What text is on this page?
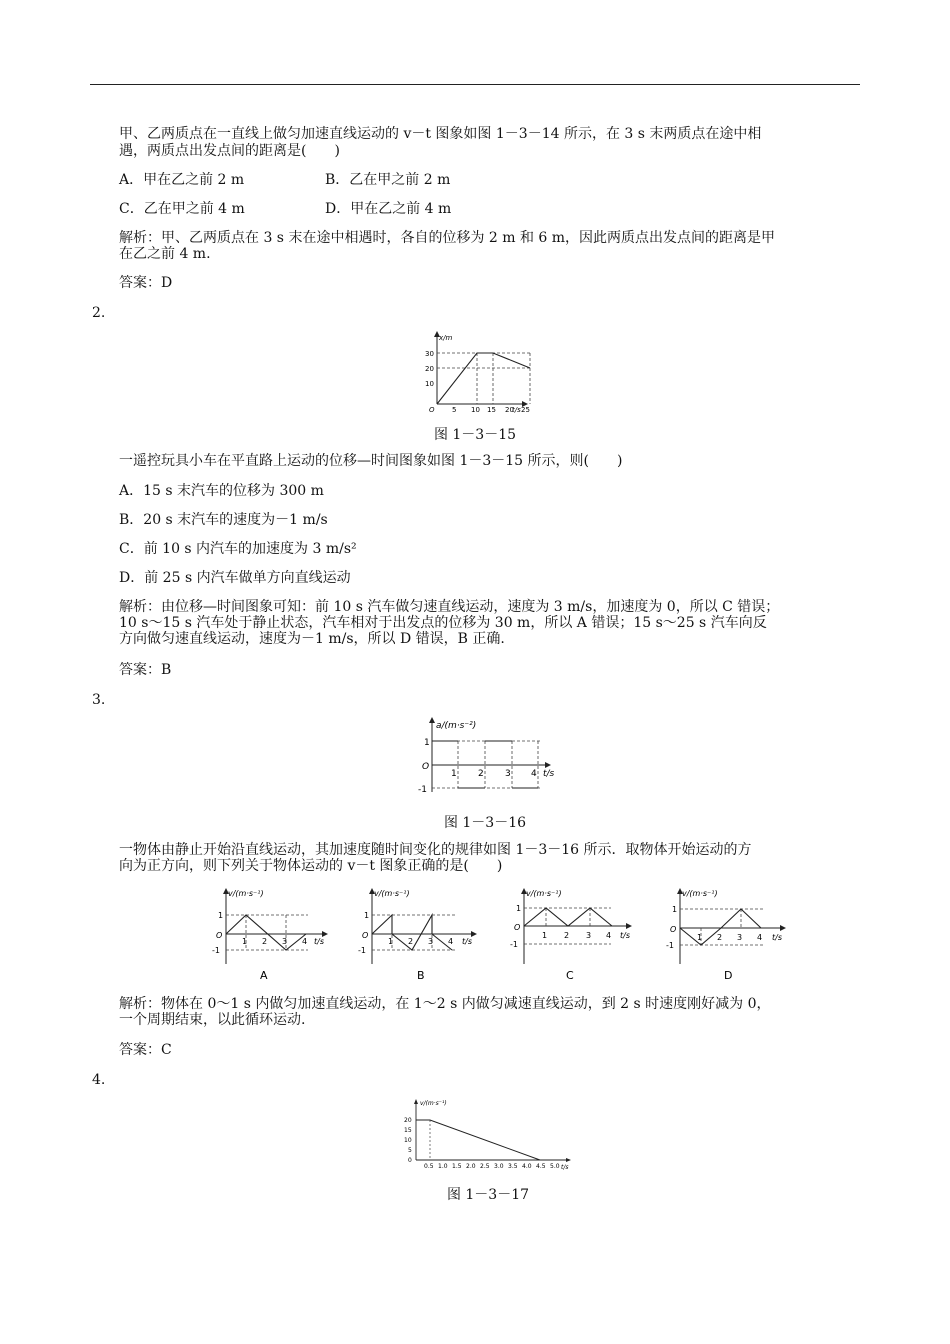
甲、乙两质点在一直线上做匀加速直线运动的 v－t 图象如图 1－3－14 所示，在 3 s 末两质点在途中相
遇，两质点出发点间的距离是(　　)
A．甲在乙之前 2 m	B．乙在甲之前 2 m
C．乙在甲之前 4 m	D．甲在乙之前 4 m
解析：甲、乙两质点在 3 s 末在途中相遇时，各自的位移为 2 m 和 6 m，因此两质点出发点间的距离是甲
在乙之前 4 m.
答案：D
2.
x/m
t/s
O
10
20
30
5 10 15 20 25
图 1－3－15
一遥控玩具小车在平直路上运动的位移—时间图象如图 1－3－15 所示，则(　　)
A．15 s 末汽车的位移为 300 m
B．20 s 末汽车的速度为－1 m/s
C．前 10 s 内汽车的加速度为 3 m/s²
D．前 25 s 内汽车做单方向直线运动
解析：由位移—时间图象可知：前 10 s 汽车做匀速直线运动，速度为 3 m/s，加速度为 0，所以 C 错误；
10 s～15 s 汽车处于静止状态，汽车相对于出发点的位移为 30 m，所以 A 错误；15 s～25 s 汽车向反
方向做匀速直线运动，速度为－1 m/s，所以 D 错误，B 正确.
答案：B
3.
a/(m·s⁻²)
t/s
O
1
-1
1 2 3 4
图 1－3－16
一物体由静止开始沿直线运动，其加速度随时间变化的规律如图 1－3－16 所示．取物体开始运动的方
向为正方向，则下列关于物体运动的 v－t 图象正确的是(　　)
v/(m·s⁻¹)
t/s
O
1
-1
1 2 3 4
A
v/(m·s⁻¹)
t/s
O
1
-1
1 2 3 4
B
v/(m·s⁻¹)
t/s
O
1
-1
1 2 3 4
C
v/(m·s⁻¹)
t/s
O
1
-1
1 2 3 4
D
解析：物体在 0～1 s 内做匀加速直线运动，在 1～2 s 内做匀减速直线运动，到 2 s 时速度刚好减为 0，
一个周期结束，以此循环运动.
答案：C
4.
v/(m·s⁻¹)
t/s
0
5
10
15
20
0.5 1.0 1.5 2.0 2.5 3.0 3.5 4.0 4.5 5.0
图 1－3－17
